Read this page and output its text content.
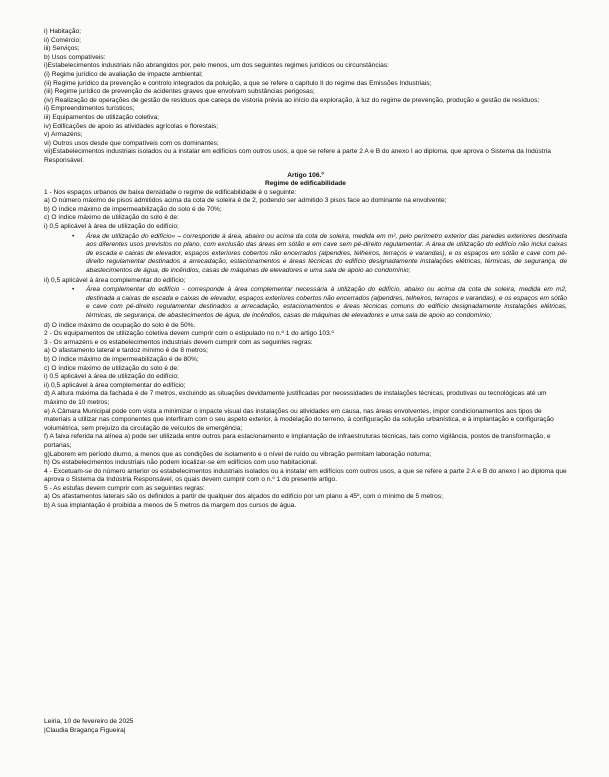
i) Habitação;
ii) Comércio;
iii) Serviços;
b) Usos compatíveis:
i)Estabelecimentos industriais não abrangidos por, pelo menos, um dos seguintes regimes jurídicos ou circunstâncias:
(i) Regime jurídico de avaliação de impacte ambiental;
(ii) Regime jurídico da prevenção e controlo integrados da poluição, a que se refere o capítulo II do regime das Emissões Industriais;
(iii) Regime jurídico de prevenção de acidentes graves que envolvam substâncias perigosas;
(iv) Realização de operações de gestão de resíduos que careça de vistoria prévia ao início da exploração, à luz do regime de prevenção, produção e gestão de resíduos;
ii) Empreendimentos turísticos;
iii) Equipamentos de utilização coletiva;
iv) Edificações de apoio às atividades agrícolas e florestais;
v) Armazéns;
vi) Outros usos desde que compatíveis com os dominantes;
vii)Estabelecimentos industriais isolados ou a instalar em edifícios com outros usos, a que se refere a parte 2 A e B do anexo I ao diploma, que aprova o Sistema da Indústria Responsável.
Artigo 106.º
Regime de edificabilidade
1 - Nos espaços urbanos de baixa densidade o regime de edificabilidade é o seguinte:
a) O número máximo de pisos admitidos acima da cota de soleira é de 2, podendo ser admitido 3 pisos face ao dominante na envolvente;
b) O índice máximo de impermeabilização do solo é de 70%;
c) O índice máximo de utilização do solo é de:
i) 0,5 aplicável à área de utilização do edifício;
• Área de utilização do edifício» – corresponde à área, abaixo ou acima da cota de soleira, medida em m², pelo perímetro exterior das paredes exteriores destinada aos diferentes usos previstos no plano, com exclusão das áreas em sótão e em cave sem pé-direito regulamentar. A área de utilização do edifício não inclui caixas de escada e caixas de elevador, espaços exteriores cobertos não encerrados (alpendres, telheiros, terraços e varandas), e os espaços em sótão e cave com pé-direito regulamentar destinados a arrecadação, estacionamentos e áreas técnicas do edifício designadamente instalações elétricas, térmicas, de segurança, de abastecimentos de água, de incêndios, casas de máquinas de elevadores e uma sala de apoio ao condomínio;
ii) 0,5 aplicável à área complementar do edifício;
• Área complementar do edifício - corresponde à área complementar necessária à utilização do edifício, abaixo ou acima da cota de soleira, medida em m2, destinada a caixas de escada e caixas de elevador, espaços exteriores cobertos não encerrados (alpendres, telheiros, terraços e varandas), e os espaços em sótão e cave com pé-direito regulamentar destinados a arrecadação, estacionamentos e áreas técnicas comuns do edifício designadamente instalações elétricas, térmicas, de segurança, de abastecimentos de água, de incêndios, casas de máquinas de elevadores e uma sala de apoio ao condomínio;
d) O índice máximo de ocupação do solo é de 50%.
2 - Os equipamentos de utilização coletiva devem cumprir com o estipulado no n.º 1 do artigo 103.º
3 - Os armazéns e os estabelecimentos industriais devem cumprir com as seguintes regras:
a) O afastamento lateral e tardoz mínimo é de 8 metros;
b) O índice máximo de impermeabilização é de 80%;
c) O índice máximo de utilização do solo é de:
i) 0,5 aplicável à área de utilização do edifício;
ii) 0,5 aplicável à área complementar do edifício;
d) A altura máxima da fachada é de 7 metros, excluindo as situações devidamente justificadas por necessidades de instalações técnicas, produtivas ou tecnológicas até um máximo de 10 metros;
e) A Câmara Municipal pode com vista a minimizar o impacte visual das instalações ou atividades em causa, nas áreas envolventes, impor condicionamentos aos tipos de materiais a utilizar nas componentes que interfiram com o seu aspeto exterior, à modelação do terreno, à configuração da solução urbanística, e à implantação e configuração volumétrica, sem prejuízo da circulação de veículos de emergência;
f) A faixa referida na alínea a) pode ser utilizada entre outros para estacionamento e implantação de infraestruturas técnicas, tais como vigilância, postos de transformação, e portarias;
g)Laborem em período diurno, a menos que as condições de isolamento e o nível de ruído ou vibração permitam laboração noturna;
h) Os estabelecimentos industriais não podem localizar-se em edifícios com uso habitacional.
4 - Excetuam-se do número anterior os estabelecimentos industriais isolados ou a instalar em edifícios com outros usos, a que se refere a parte 2 A e B do anexo I ao diploma que aprova o Sistema da Indústria Responsável, os quais devem cumprir com o n.º 1 do presente artigo.
5 - As estufas devem cumprir com as seguintes regras:
a) Os afastamentos laterais são os definidos a partir de qualquer dos alçados do edifício por um plano a 45º, com o mínimo de 5 metros;
b) A sua implantação é proibida a menos de 5 metros da margem dos cursos de água.
Leiria, 10 de fevereiro de 2025
|Claudia Bragança Figueira|
